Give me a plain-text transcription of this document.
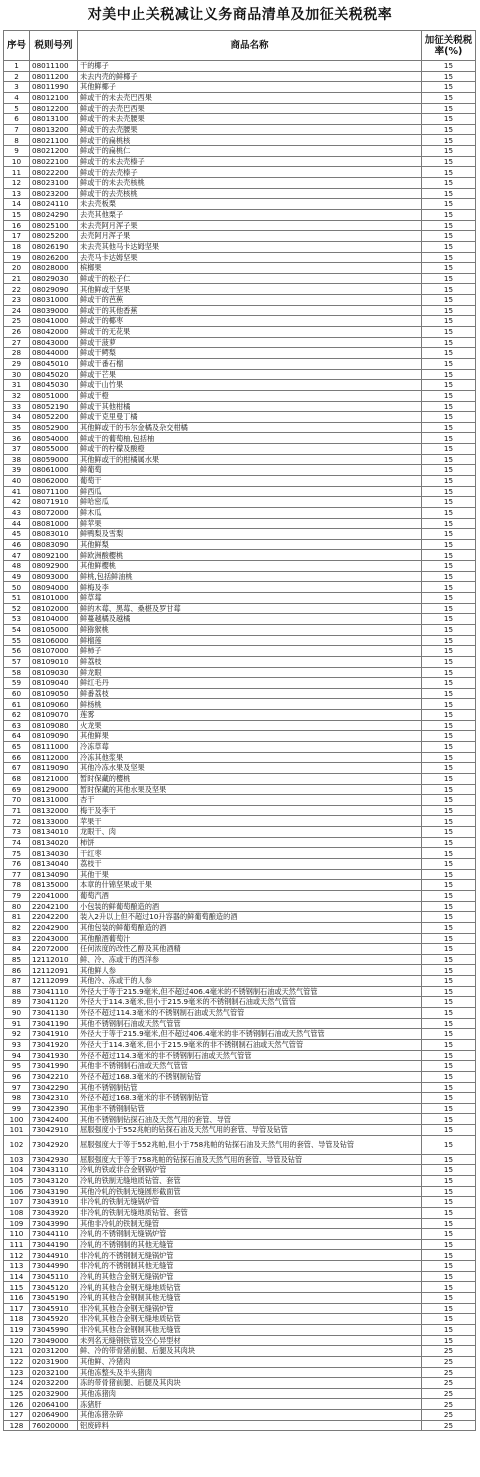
对美中止关税减让义务商品清单及加征关税税率
序号	税则号列	商品名称	加征关税税率(%)
1	08011100	干的椰子	15
2	08011200	未去内壳的鲜椰子	15
3	08011990	其他鲜椰子	15
4	08012100	鲜或干的未去壳巴西果	15
5	08012200	鲜或干的去壳巴西果	15
6	08013100	鲜或干的未去壳腰果	15
7	08013200	鲜或干的去壳腰果	15
8	08021100	鲜或干的扁桃核	15
9	08021200	鲜或干的扁桃仁	15
10	08022100	鲜或干的未去壳榛子	15
11	08022200	鲜或干的去壳榛子	15
12	08023100	鲜或干的未去壳核桃	15
13	08023200	鲜或干的去壳核桃	15
14	08024110	未去壳板栗	15
15	08024290	去壳其他栗子	15
16	08025100	未去壳阿月浑子果	15
17	08025200	去壳阿月浑子果	15
18	08026190	未去壳其他马卡达姆坚果	15
19	08026200	去壳马卡达姆坚果	15
20	08028000	槟榔果	15
21	08029030	鲜或干的松子仁	15
22	08029090	其他鲜或干坚果	15
23	08031000	鲜或干的芭蕉	15
24	08039000	鲜或干的其他香蕉	15
25	08041000	鲜或干的椰枣	15
26	08042000	鲜或干的无花果	15
27	08043000	鲜或干菠萝	15
28	08044000	鲜或干鳄梨	15
29	08045010	鲜或干番石榴	15
30	08045020	鲜或干芒果	15
31	08045030	鲜或干山竹果	15
32	08051000	鲜或干橙	15
33	08052190	鲜或干其他柑橘	15
34	08052200	鲜或干克里曼丁橘	15
35	08052900	其他鲜或干的韦尔金橘及杂交柑橘	15
36	08054000	鲜或干的葡萄柚,包括柚	15
37	08055000	鲜或干的柠檬及酸橙	15
38	08059000	其他鲜或干的柑橘属水果	15
39	08061000	鲜葡萄	15
40	08062000	葡萄干	15
41	08071100	鲜西瓜	15
42	08071910	鲜哈密瓜	15
43	08072000	鲜木瓜	15
44	08081000	鲜苹果	15
45	08083010	鲜鸭梨及雪梨	15
46	08083090	其他鲜梨	15
47	08092100	鲜欧洲酸樱桃	15
48	08092900	其他鲜樱桃	15
49	08093000	鲜桃,包括鲜油桃	15
50	08094000	鲜梅及李	15
51	08101000	鲜草莓	15
52	08102000	鲜的木莓、黑莓、桑椹及罗甘莓	15
53	08104000	鲜蔓越橘及越橘	15
54	08105000	鲜猕猴桃	15
55	08106000	鲜榴莲	15
56	08107000	鲜柿子	15
57	08109010	鲜荔枝	15
58	08109030	鲜龙眼	15
59	08109040	鲜红毛丹	15
60	08109050	鲜番荔枝	15
61	08109060	鲜杨桃	15
62	08109070	莲雾	15
63	08109080	火龙果	15
64	08109090	其他鲜果	15
65	08111000	冷冻草莓	15
66	08112000	冷冻其他浆果	15
67	08119090	其他冷冻水果及坚果	15
68	08121000	暂时保藏的樱桃	15
69	08129000	暂时保藏的其他水果及坚果	15
70	08131000	杏干	15
71	08132000	梅干及李干	15
72	08133000	苹果干	15
73	08134010	龙眼干、肉	15
74	08134020	柿饼	15
75	08134030	干红枣	15
76	08134040	荔枝干	15
77	08134090	其他干果	15
78	08135000	本章的什锦坚果或干果	15
79	22041000	葡萄汽酒	15
80	22042100	小包装的鲜葡萄酿造的酒	15
81	22042200	装入2升以上但不超过10升容器的鲜葡萄酿造的酒	15
82	22042900	其他包装的鲜葡萄酿造的酒	15
83	22043000	其他酿酒葡萄汁	15
84	22072000	任何浓度的改性乙醇及其他酒精	15
85	12112010	鲜、冷、冻或干的西洋参	15
86	12112091	其他鲜人参	15
87	12112099	其他冷、冻或干的人参	15
88	73041110	外径大于等于215.9毫米,但不超过406.4毫米的不锈钢制石油或天然气管管	15
89	73041120	外径大于114.3毫米,但小于215.9毫米的不锈钢制石油或天然气管管	15
90	73041130	外径不超过114.3毫米的不锈钢制石油或天然气管管	15
91	73041190	其他不锈钢制石油或天然气管管	15
92	73041910	外径大于等于215.9毫米,但不超过406.4毫米的非不锈钢制石油或天然气管管	15
93	73041920	外径大于114.3毫米,但小于215.9毫米的非不锈钢制石油或天然气管管	15
94	73041930	外径不超过114.3毫米的非不锈钢制石油或天然气管管	15
95	73041990	其他非不锈钢制石油或天然气管管	15
96	73042210	外径不超过168.3毫米的不锈钢制钻管	15
97	73042290	其他不锈钢制钻管	15
98	73042310	外径不超过168.3毫米的非不锈钢制钻管	15
99	73042390	其他非不锈钢制钻管	15
100	73042400	其他不锈钢制钻探石油及天然气用的套管、导管	15
101	73042910	屈服强度小于552兆帕的钻探石油及天然气用的套管、导管及钻管	15
102	73042920	屈服强度大于等于552兆帕,但小于758兆帕的钻探石油及天然气用的套管、导管及钻管	15
103	73042930	屈服强度大于等于758兆帕的钻探石油及天然气用的套管、导管及钻管	15
104	73043110	冷轧的铁或非合金钢锅炉管	15
105	73043120	冷轧的铁制无缝地质钻管、套管	15
106	73043190	其他冷轧的铁制无缝圆形截面管	15
107	73043910	非冷轧的铁制无缝锅炉管	15
108	73043920	非冷轧的铁制无缝地质钻管、套管	15
109	73043990	其他非冷轧的铁制无缝管	15
110	73044110	冷轧的不锈钢制无缝锅炉管	15
111	73044190	冷轧的不锈钢制的其他无缝管	15
112	73044910	非冷轧的不锈钢制无缝锅炉管	15
113	73044990	非冷轧的不锈钢制其他无缝管	15
114	73045110	冷轧的其他合金钢无缝锅炉管	15
115	73045120	冷轧的其他合金钢无缝地质钻管	15
116	73045190	冷轧的其他合金钢制其他无缝管	15
117	73045910	非冷轧其他合金钢无缝锅炉管	15
118	73045920	非冷轧其他合金钢无缝地质钻管	15
119	73045990	非冷轧其他合金钢制其他无缝管	15
120	73049000	未列名无缝钢铁管及空心异型材	15
121	02031200	鲜、冷的带骨猪前腿、后腿及其肉块	25
122	02031900	其他鲜、冷猪肉	25
123	02032100	其他冻整头及半头猪肉	25
124	02032200	冻的带骨猪前腿、后腿及其肉块	25
125	02032900	其他冻猪肉	25
126	02064100	冻猪肝	25
127	02064900	其他冻猪杂碎	25
128	76020000	铝废碎料	25
